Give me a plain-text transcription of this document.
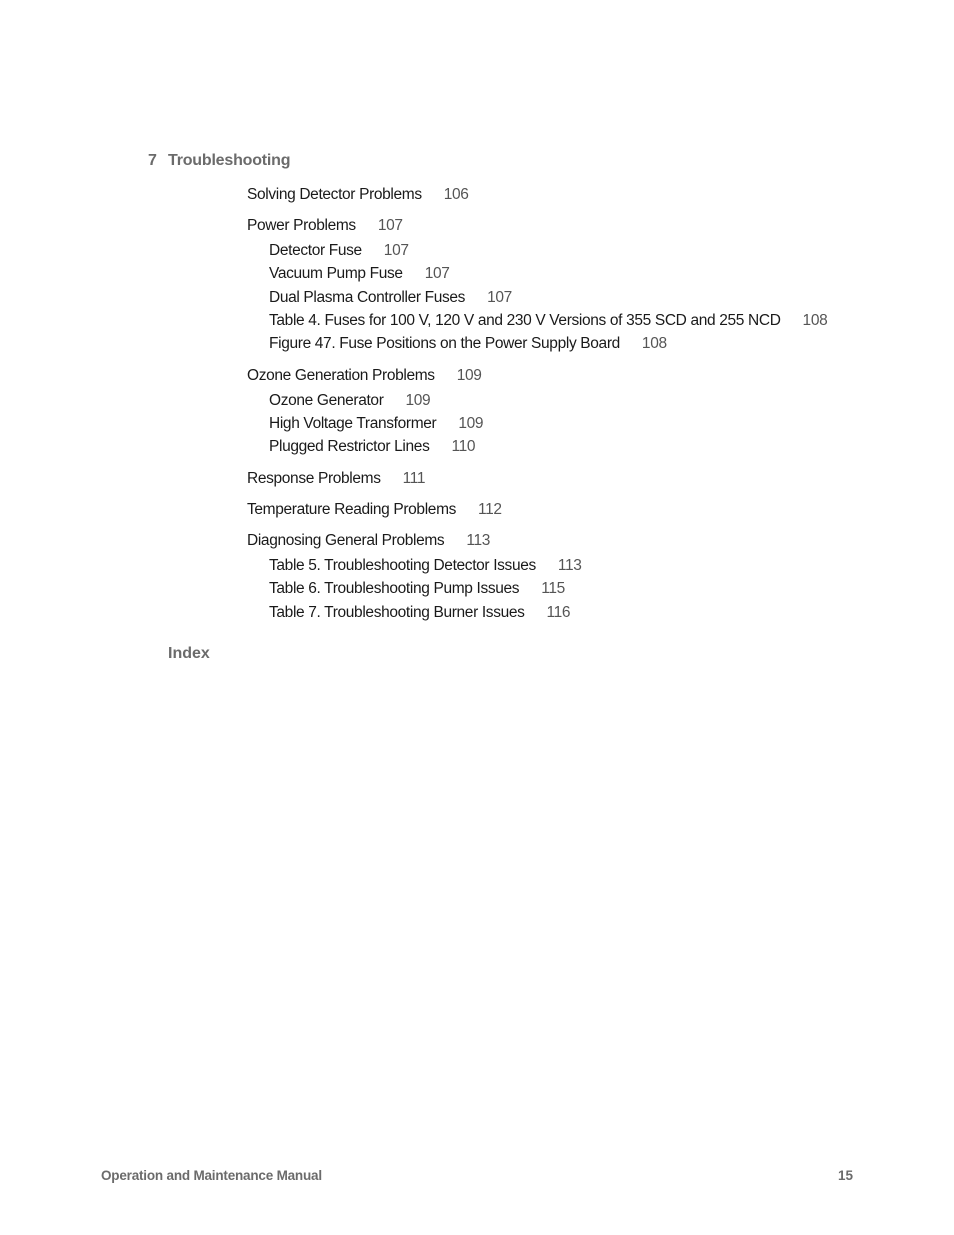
7 Troubleshooting
Solving Detector Problems 106
Power Problems 107
Detector Fuse 107
Vacuum Pump Fuse 107
Dual Plasma Controller Fuses 107
Table 4. Fuses for 100 V, 120 V and 230 V Versions of 355 SCD and 255 NCD 108
Figure 47. Fuse Positions on the Power Supply Board 108
Ozone Generation Problems 109
Ozone Generator 109
High Voltage Transformer 109
Plugged Restrictor Lines 110
Response Problems 111
Temperature Reading Problems 112
Diagnosing General Problems 113
Table 5. Troubleshooting Detector Issues 113
Table 6. Troubleshooting Pump Issues 115
Table 7. Troubleshooting Burner Issues 116
Index
Operation and Maintenance Manual	15
